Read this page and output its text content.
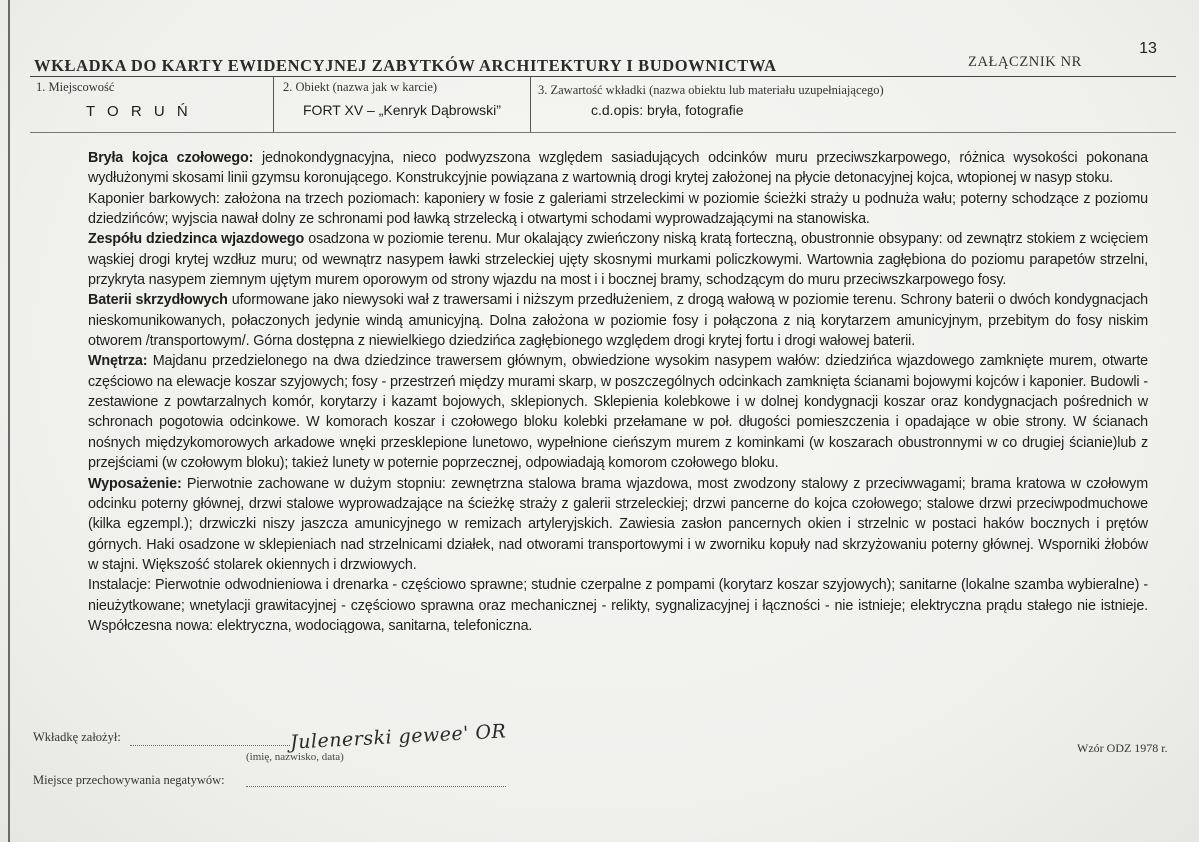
13
WKŁADKA DO KARTY EWIDENCYJNEJ ZABYTKÓW ARCHITEKTURY I BUDOWNICTWA	ZAŁĄCZNIK NR
1. Miejscowość
T O R U Ń
2. Obiekt (nazwa jak w karcie)
FORT XV – „Kenryk Dąbrowski”
3. Zawartość wkładki (nazwa obiektu lub materiału uzupełniającego)
c.d.opis: bryła, fotografie

Bryła kojca czołowego: jednokondygnacyjna, nieco podwyzszona względem sasiadujących odcinków muru przeciwszkarpowego, różnica wysokości pokonana wydłużonymi skosami linii gzymsu koronującego. Konstrukcyjnie powiązana z wartownią drogi krytej założonej na płycie detonacyjnej kojca, wtopionej w nasyp stoku.

Kaponier barkowych: założona na trzech poziomach: kaponiery w fosie z galeriami strzeleckimi w poziomie ścieżki straży u podnuża wału; poterny schodzące z poziomu dziedzińców; wyjscia nawał dolny ze schronami pod ławką strzelecką i otwartymi schodami wyprowadzającymi na stanowiska.

Zespółu dziedzinca wjazdowego osadzona w poziomie terenu. Mur okalający zwieńczony niską kratą forteczną, obustronnie obsypany: od zewnątrz stokiem z wcięciem wąskiej drogi krytej wzdłuz muru; od wewnątrz nasypem ławki strzeleckiej ujęty skosnymi murkami policzkowymi. Wartownia zagłębiona do poziomu parapetów strzelni, przykryta nasypem ziemnym ujętym murem oporowym od strony wjazdu na most i i bocznej bramy, schodzącym do muru przeciwszkarpowego fosy.

Baterii skrzydłowych uformowane jako niewysoki wał z trawersami i niższym przedłużeniem, z drogą wałową w poziomie terenu. Schrony baterii o dwóch kondygnacjach nieskomunikowanych, połaczonych jedynie windą amunicyjną. Dolna założona w poziomie fosy i połączona z nią korytarzem amunicyjnym, przebitym do fosy niskim otworem /transportowym/. Górna dostępna z niewielkiego dziedzińca zagłębionego względem drogi krytej fortu i drogi wałowej baterii.

Wnętrza: Majdanu przedzielonego na dwa dziedzince trawersem głównym, obwiedzione wysokim nasypem wałów: dziedzińca wjazdowego zamknięte murem, otwarte częściowo na elewacje koszar szyjowych; fosy - przestrzeń między murami skarp, w poszczególnych odcinkach zamknięta ścianami bojowymi kojców i kaponier. Budowli - zestawione z powtarzalnych komór, korytarzy i kazamt bojowych, sklepionych. Sklepienia kolebkowe i w dolnej kondygnacji koszar oraz kondygnacjach pośrednich w schronach pogotowia odcinkowe. W komorach koszar i czołowego bloku kolebki przełamane w poł. długości pomieszczenia i opadające w obie strony. W ścianach nośnych międzykomorowych arkadowe wnęki przesklepione lunetowo, wypełnione cieńszym murem z kominkami (w koszarach obustronnymi w co drugiej ścianie)lub z przejściami (w czołowym bloku); takież lunety w poternie poprzecznej, odpowiadają komorom czołowego bloku.

Wyposażenie: Pierwotnie zachowane w dużym stopniu: zewnętrzna stalowa brama wjazdowa, most zwodzony stalowy z przeciwwagami; brama kratowa w czołowym odcinku poterny głównej, drzwi stalowe wyprowadzające na ścieżkę straży z galerii strzeleckiej; drzwi pancerne do kojca czołowego; stalowe drzwi przeciwpodmuchowe (kilka egzempl.); drzwiczki niszy jaszcza amunicyjnego w remizach artyleryjskich. Zawiesia zasłon pancernych okien i strzelnic w postaci haków bocznych i prętów górnych. Haki osadzone w sklepieniach nad strzelnicami działek, nad otworami transportowymi i w zworniku kopuły nad skrzyżowaniu poterny głównej. Wsporniki żłobów w stajni. Większość stolarek okiennych i drzwiowych.

Instalacje: Pierwotnie odwodnieniowa i drenarka - częściowo sprawne; studnie czerpalne z pompami (korytarz koszar szyjowych); sanitarne (lokalne szamba wybieralne) - nieużytkowane; wnetylacji grawitacyjnej - częściowo sprawna oraz mechanicznej - relikty, sygnalizacyjnej i łączności - nie istnieje; elektryczna prądu stałego nie istnieje. Współczesna nowa: elektryczna, wodociągowa, sanitarna, telefoniczna.

Wkładkę założył:	Julenerski gewee' OR
(imię, nazwisko, data)
Wzór ODZ 1978 r.
Miejsce przechowywania negatywów:
